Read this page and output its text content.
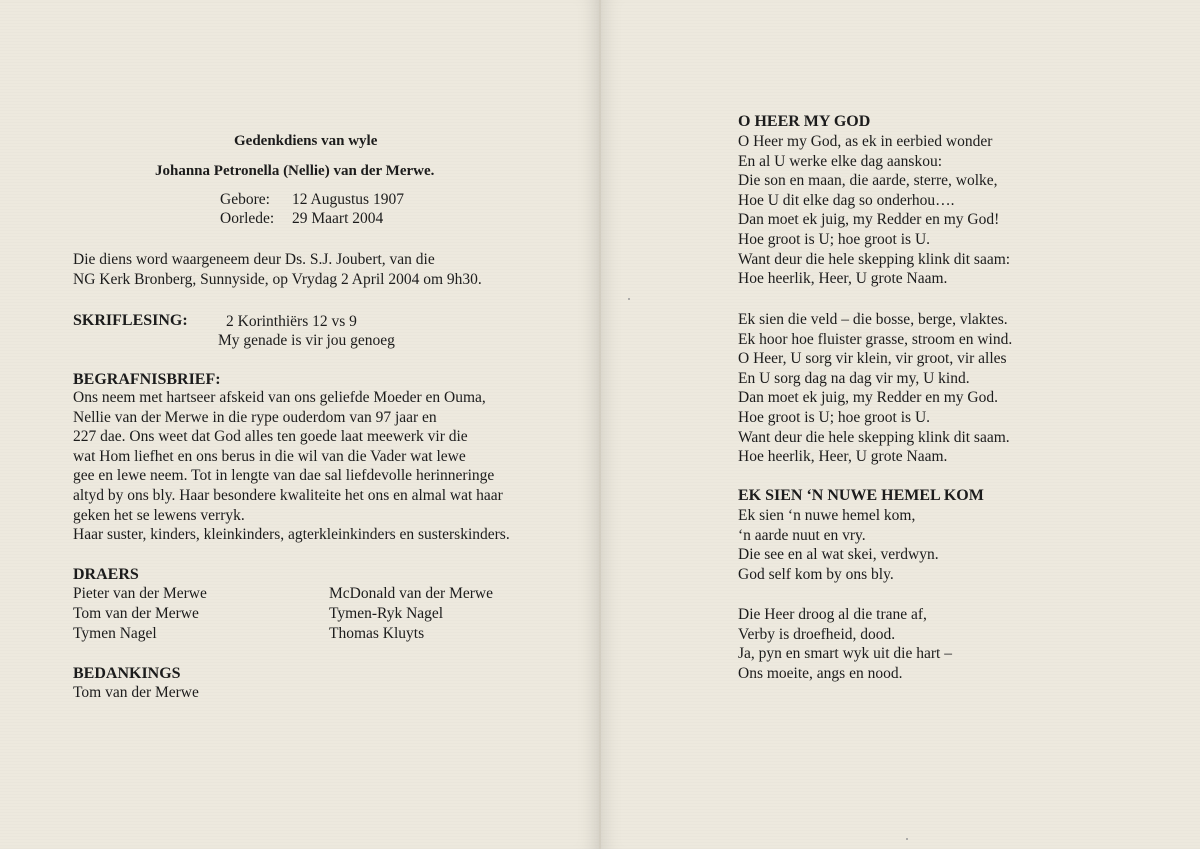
Gedenkdiens van wyle
Johanna Petronella (Nellie) van der Merwe.
Gebore:	12 Augustus 1907
Oorlede:	29 Maart 2004
Die diens word waargeneem deur Ds. S.J. Joubert, van die
NG Kerk Bronberg, Sunnyside, op Vrydag 2 April 2004 om 9h30.
SKRIFLESING: 2 Korinthiërs 12 vs 9
My genade is vir jou genoeg
BEGRAFNISBRIEF:
Ons neem met hartseer afskeid van ons geliefde Moeder en Ouma,
Nellie van der Merwe in die rype ouderdom van 97 jaar en
227 dae. Ons weet dat God alles ten goede laat meewerk vir die
wat Hom liefhet en ons berus in die wil van die Vader wat lewe
gee en lewe neem. Tot in lengte van dae sal liefdevolle herinneringe
altyd by ons bly. Haar besondere kwaliteite het ons en almal wat haar
geken het se lewens verryk.
Haar suster, kinders, kleinkinders, agterkleinkinders en susterskinders.
DRAERS
Pieter van der Merwe
Tom van der Merwe
Tymen Nagel
McDonald van der Merwe
Tymen-Ryk Nagel
Thomas Kluyts
BEDANKINGS
Tom van der Merwe
O HEER MY GOD
O Heer my God, as ek in eerbied wonder
En al U werke elke dag aanskou:
Die son en maan, die aarde, sterre, wolke,
Hoe U dit elke dag so onderhou….
Dan moet ek juig, my Redder en my God!
Hoe groot is U; hoe groot is U.
Want deur die hele skepping klink dit saam:
Hoe heerlik, Heer, U grote Naam.
Ek sien die veld – die bosse, berge, vlaktes.
Ek hoor hoe fluister grasse, stroom en wind.
O Heer, U sorg vir klein, vir groot, vir alles
En U sorg dag na dag vir my, U kind.
Dan moet ek juig, my Redder en my God.
Hoe groot is U; hoe groot is U.
Want deur die hele skepping klink dit saam.
Hoe heerlik, Heer, U grote Naam.
EK SIEN ‘N NUWE HEMEL KOM
Ek sien ‘n nuwe hemel kom,
‘n aarde nuut en vry.
Die see en al wat skei, verdwyn.
God self kom by ons bly.
Die Heer droog al die trane af,
Verby is droefheid, dood.
Ja, pyn en smart wyk uit die hart –
Ons moeite, angs en nood.
